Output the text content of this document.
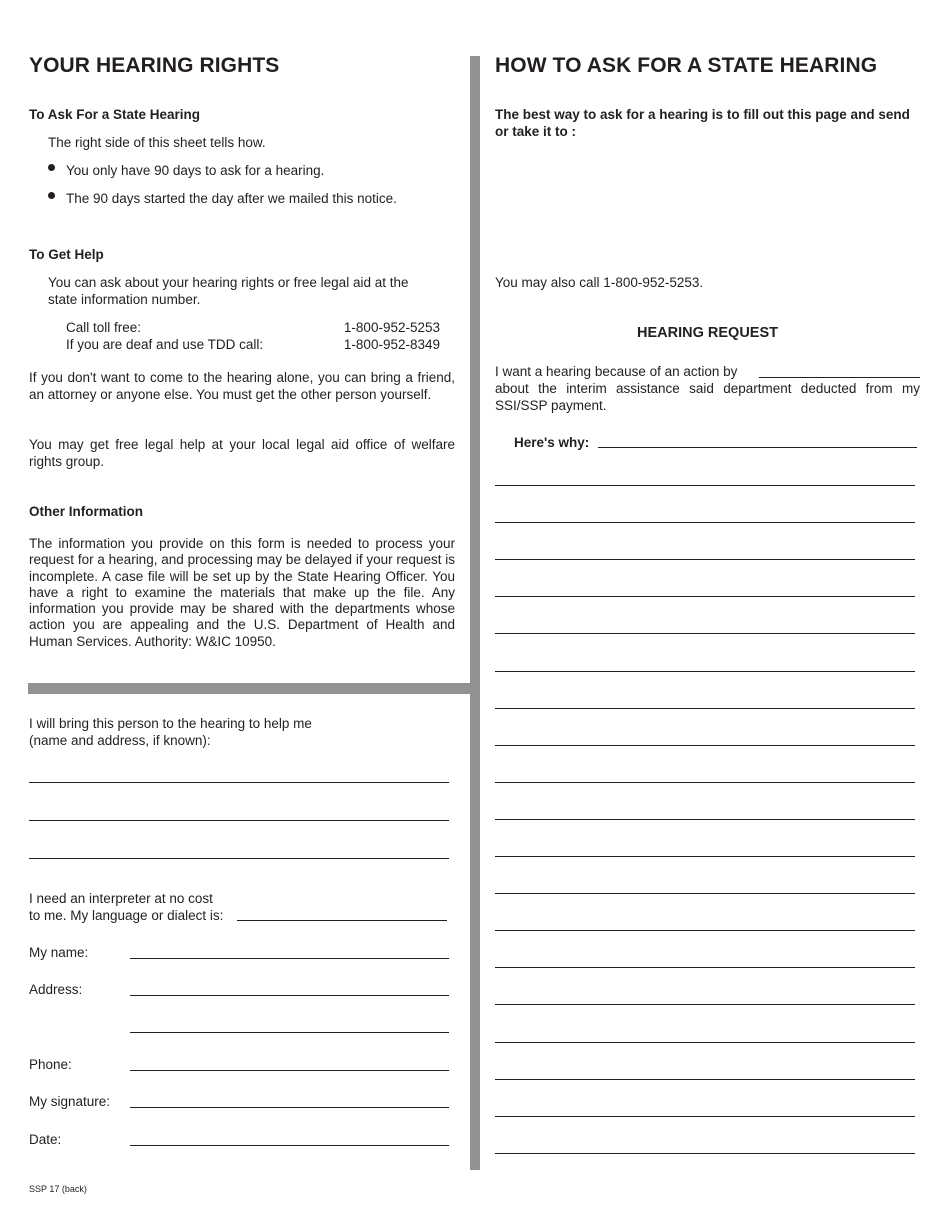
YOUR HEARING RIGHTS
To Ask For a State Hearing

The right side of this sheet tells how.

You only have 90 days to ask for a hearing.

The 90 days started the day after we mailed this notice.

To Get Help

You can ask about your hearing rights or free legal aid at the state information number.

Call toll free:	1-800-952-5253
If you are deaf and use TDD call:	1-800-952-8349

If you don't want to come to the hearing alone, you can bring a friend, an attorney or anyone else. You must get the other person yourself.

You may get free legal help at your local legal aid office of welfare rights group.

Other Information

The information you provide on this form is needed to process your request for a hearing, and processing may be delayed if your request is incomplete. A case file will be set up by the State Hearing Officer. You have a right to examine the materials that make up the file. Any information you provide may be shared with the departments whose action you are appealing and the U.S. Department of Health and Human Services. Authority: W&IC 10950.

I will bring this person to the hearing to help me

(name and address, if known):

I need an interpreter at no cost

to me. My language or dialect is:

My name:

Address:

Phone:

My signature:

Date:

SSP 17 (back)

HOW TO ASK FOR A STATE HEARING
The best way to ask for a hearing is to fill out this page and send or take it to :

You may also call 1-800-952-5253.

HEARING REQUEST

I want a hearing because of an action by

about the interim assistance said department deducted from my SSI/SSP payment.

Here's why:
